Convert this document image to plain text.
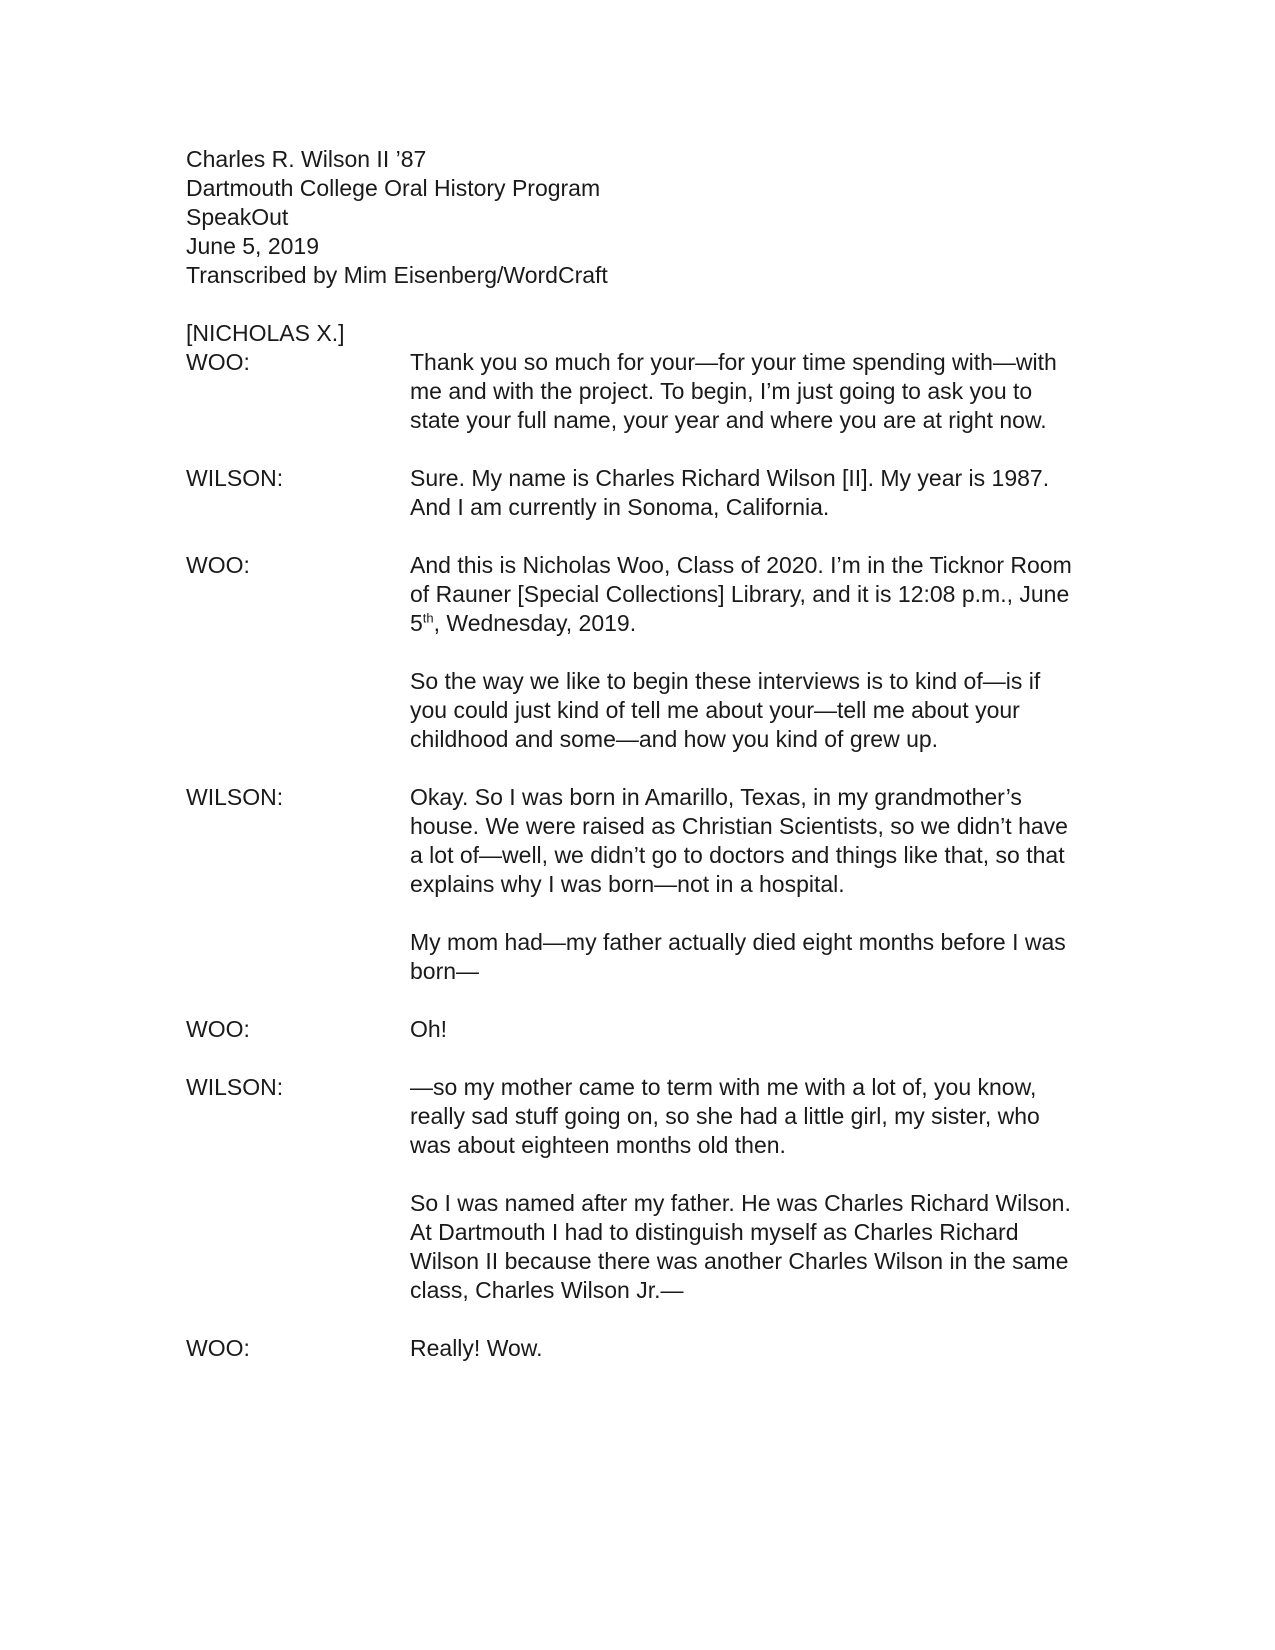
Charles R. Wilson II ’87
Dartmouth College Oral History Program
SpeakOut
June 5, 2019
Transcribed by Mim Eisenberg/WordCraft
[NICHOLAS X.]
WOO:	Thank you so much for your—for your time spending with—with me and with the project. To begin, I’m just going to ask you to state your full name, your year and where you are at right now.

WILSON:	Sure. My name is Charles Richard Wilson [II]. My year is 1987. And I am currently in Sonoma, California.

WOO:	And this is Nicholas Woo, Class of 2020. I’m in the Ticknor Room of Rauner [Special Collections] Library, and it is 12:08 p.m., June 5th, Wednesday, 2019.

So the way we like to begin these interviews is to kind of—is if you could just kind of tell me about your—tell me about your childhood and some—and how you kind of grew up.

WILSON:	Okay. So I was born in Amarillo, Texas, in my grandmother’s house. We were raised as Christian Scientists, so we didn’t have a lot of—well, we didn’t go to doctors and things like that, so that explains why I was born—not in a hospital.

My mom had—my father actually died eight months before I was born—

WOO:	Oh!

WILSON:	—so my mother came to term with me with a lot of, you know, really sad stuff going on, so she had a little girl, my sister, who was about eighteen months old then.

So I was named after my father. He was Charles Richard Wilson. At Dartmouth I had to distinguish myself as Charles Richard Wilson II because there was another Charles Wilson in the same class, Charles Wilson Jr.—

WOO:	Really! Wow.
